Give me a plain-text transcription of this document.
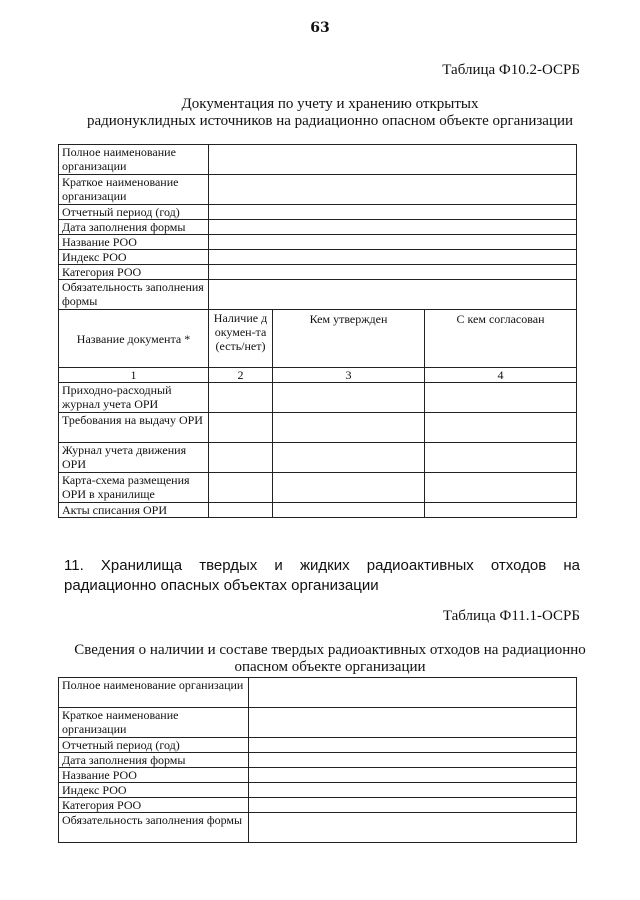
63
Таблица Ф10.2-ОСРБ
Документация по учету и хранению открытых
радионуклидных источников на радиационно опасном объекте организации
Полное наименование организации			
Краткое наименование организации			
Отчетный период (год)			
Дата заполнения формы			
Название РОО			
Индекс РОО			
Категория РОО			
Обязательность заполнения формы			
Название документа *	Наличие докумен-та (есть/нет)	Кем утвержден	С кем согласован
1	2	3	4
Приходно-расходный журнал учета ОРИ			
Требования на выдачу ОРИ			
Журнал учета движения ОРИ			
Карта-схема размещения ОРИ в хранилище			
Акты списания ОРИ			
11. Хранилища твердых и жидких радиоактивных отходов на радиационно опасных объектах организации
Таблица Ф11.1-ОСРБ
Сведения о наличии и составе твердых радиоактивных отходов на радиационно
опасном объекте организации
Полное наименование организации	
Краткое наименование организации	
Отчетный период (год)	
Дата заполнения формы	
Название РОО	
Индекс РОО	
Категория РОО	
Обязательность заполнения формы	
